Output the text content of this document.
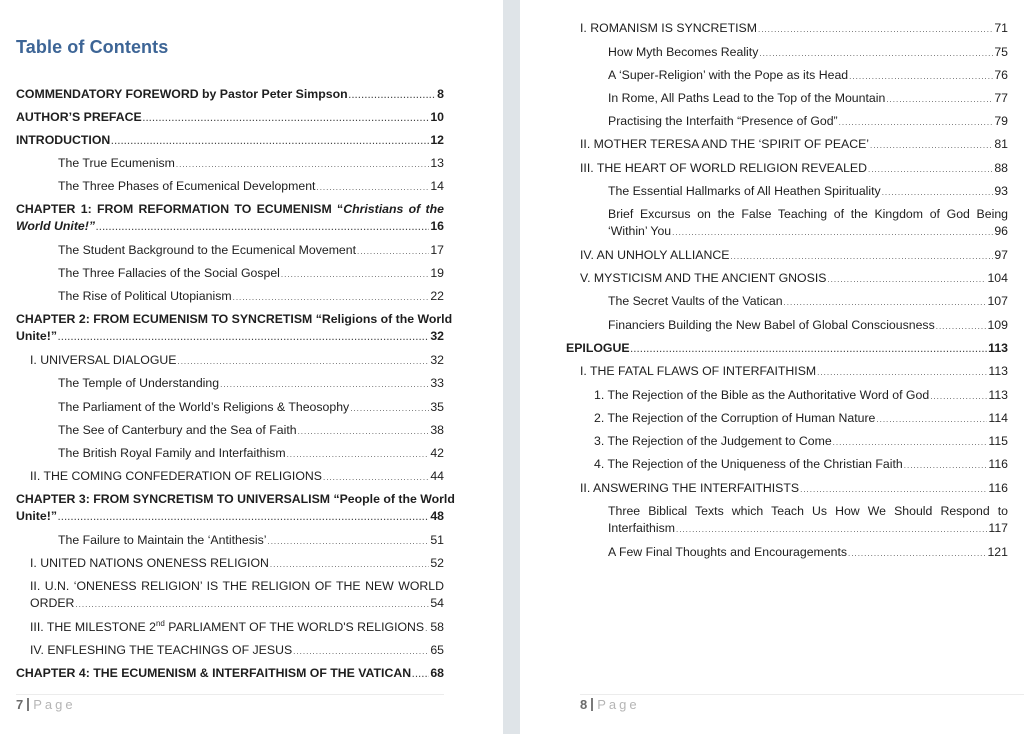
Table of Contents
COMMENDATORY FOREWORD by Pastor Peter Simpson .....	8
AUTHOR’S PREFACE .....	10
INTRODUCTION .....	12
The True Ecumenism .....	13
The Three Phases of Ecumenical Development .....	14
CHAPTER 1: FROM REFORMATION TO ECUMENISM “Christians of the
World Unite!” .....	16
The Student Background to the Ecumenical Movement .....	17
The Three Fallacies of the Social Gospel .....	19
The Rise of Political Utopianism .....	22
CHAPTER 2: FROM ECUMENISM TO SYNCRETISM “Religions of the World
Unite!” .....	32
I. UNIVERSAL DIALOGUE .....	32
The Temple of Understanding .....	33
The Parliament of the World’s Religions & Theosophy .....	35
The See of Canterbury and the Sea of Faith .....	38
The British Royal Family and Interfaithism .....	42
II. THE COMING CONFEDERATION OF RELIGIONS .....	44
CHAPTER 3: FROM SYNCRETISM TO UNIVERSALISM “People of the World
Unite!” .....	48
The Failure to Maintain the ‘Antithesis’ .....	51
I. UNITED NATIONS ONENESS RELIGION .....	52
II. U.N. ‘ONENESS RELIGION’ IS THE RELIGION OF THE NEW WORLD
ORDER .....	54
III. THE MILESTONE 2nd PARLIAMENT OF THE WORLD'S RELIGIONS ..... 58
IV. ENFLESHING THE TEACHINGS OF JESUS .....	65
CHAPTER 4: THE ECUMENISM & INTERFAITHISM OF THE VATICAN ..... 68
7 Page
I. ROMANISM IS SYNCRETISM .....	71
How Myth Becomes Reality .....	75
A ‘Super-Religion’ with the Pope as its Head .....	76
In Rome, All Paths Lead to the Top of the Mountain .....	77
Practising the Interfaith “Presence of God” .....	79
II. MOTHER TERESA AND THE ‘SPIRIT OF PEACE’ .....	81
III. THE HEART OF WORLD RELIGION REVEALED .....	88
The Essential Hallmarks of All Heathen Spirituality .....	93
Brief Excursus on the False Teaching of the Kingdom of God Being
‘Within’ You .....	96
IV. AN UNHOLY ALLIANCE .....	97
V. MYSTICISM AND THE ANCIENT GNOSIS .....	104
The Secret Vaults of the Vatican .....	107
Financiers Building the New Babel of Global Consciousness .....	109
EPILOGUE .....	113
I. THE FATAL FLAWS OF INTERFAITHISM .....	113
1. The Rejection of the Bible as the Authoritative Word of God .....	113
2. The Rejection of the Corruption of Human Nature .....	114
3. The Rejection of the Judgement to Come .....	115
4. The Rejection of the Uniqueness of the Christian Faith .....	116
II. ANSWERING THE INTERFAITHISTS .....	116
Three Biblical Texts which Teach Us How We Should Respond to
Interfaithism .....	117
A Few Final Thoughts and Encouragements .....	121
8 Page
